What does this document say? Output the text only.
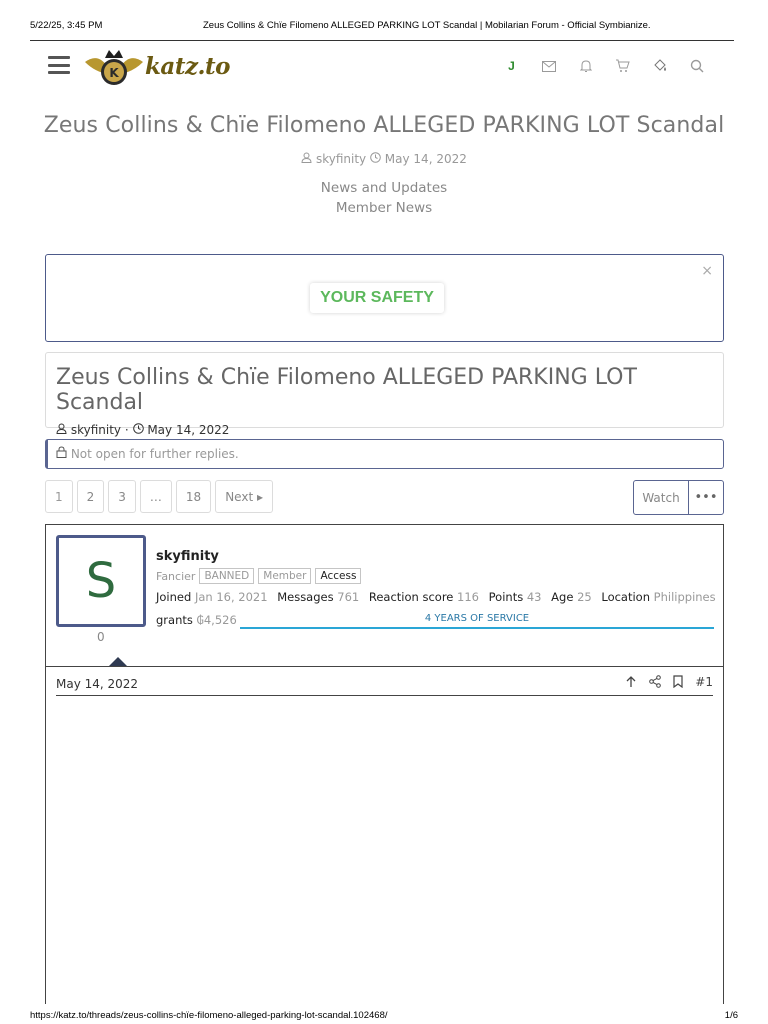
5/22/25, 3:45 PM	Zeus Collins & Chïe Filomeno ALLEGED PARKING LOT Scandal | Mobilarian Forum - Official Symbianize.
K katz.to	J
Zeus Collins & Chïe Filomeno ALLEGED PARKING LOT Scandal
skyfinity May 14, 2022
News and Updates
Member News
×
YOUR SAFETY
Zeus Collins & Chïe Filomeno ALLEGED PARKING LOT Scandal
skyfinity · May 14, 2022
Not open for further replies.
1	2	3	…	18	Next ▸	Watch	•••
S
0
skyfinity
Fancier BANNED	Member	Access
Joined Jan 16, 2021 Messages 761 Reaction score 116 Points 43 Age 25 Location Philippines
grants ₲4,526	4 YEARS OF SERVICE
May 14, 2022	#1
https://katz.to/threads/zeus-collins-chïe-filomeno-alleged-parking-lot-scandal.102468/	1/6
